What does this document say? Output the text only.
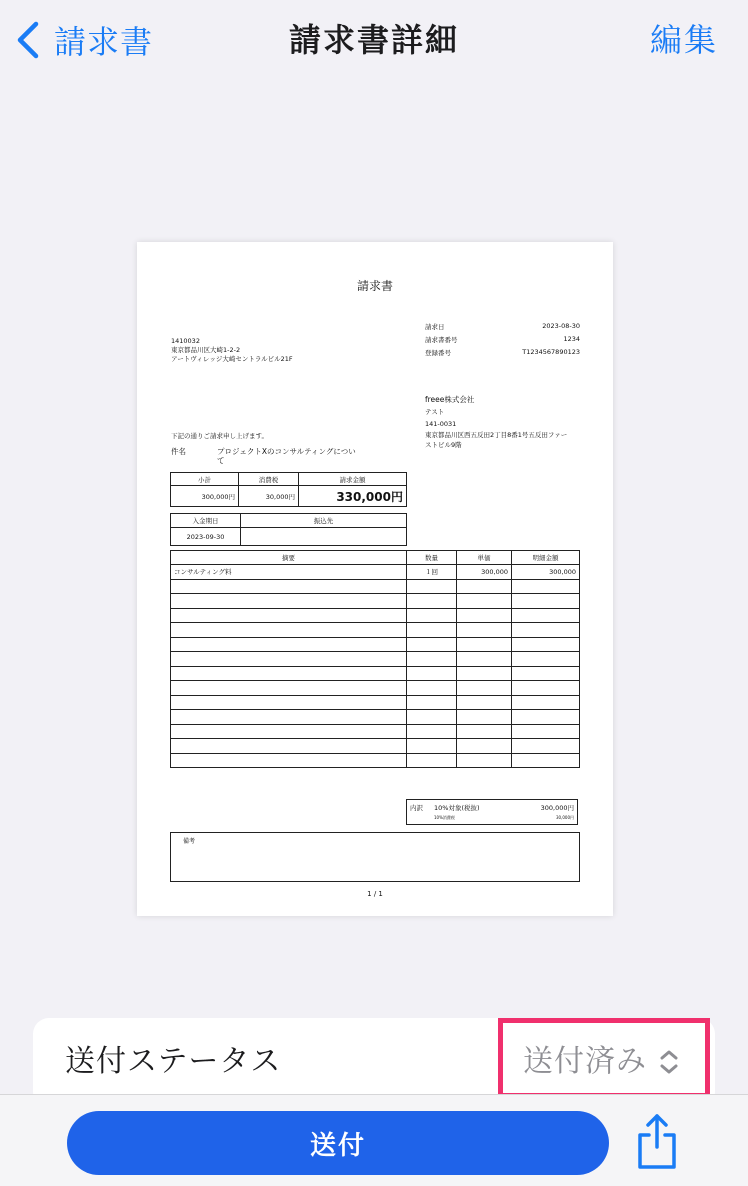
請求書	請求書詳細	編集
請求書
1410032
東京都品川区大崎1-2-2
アートヴィレッジ大崎セントラルビル21F
請求日	2023-08-30
請求書番号	1234
登録番号	T1234567890123
freee株式会社
テスト
141-0031
東京都品川区西五反田2丁目8番1号五反田ファー
ストビル9階
下記の通りご請求申し上げます。
件名	プロジェクトXのコンサルティングについ
て
小計	消費税	請求金額
300,000円	30,000円	330,000円
入金期日	振込先
2023-09-30	
摘要	数量	単価	明細金額
コンサルティング料	１回	300,000	300,000

内訳 10%対象(税抜)	300,000円
10%消費税	30,000円
備考
1 / 1
送付ステータス	送付済み
送付
